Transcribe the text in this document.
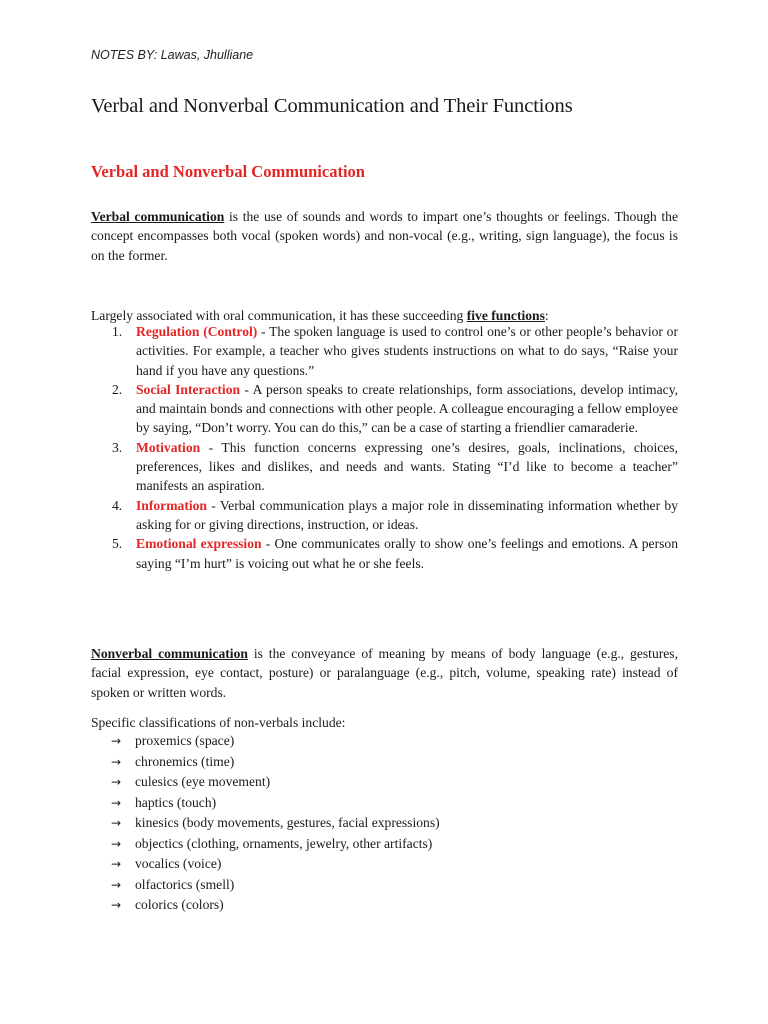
NOTES BY: Lawas, Jhulliane
Verbal and Nonverbal Communication and Their Functions
Verbal and Nonverbal Communication

Verbal communication is the use of sounds and words to impart one’s thoughts or feelings. Though the concept encompasses both vocal (spoken words) and non-vocal (e.g., writing, sign language), the focus is on the former.

Largely associated with oral communication, it has these succeeding five functions:

1. Regulation (Control) - The spoken language is used to control one’s or other people’s behavior or activities. For example, a teacher who gives students instructions on what to do says, “Raise your hand if you have any questions.”
2. Social Interaction - A person speaks to create relationships, form associations, develop intimacy, and maintain bonds and connections with other people. A colleague encouraging a fellow employee by saying, “Don’t worry. You can do this,” can be a case of starting a friendlier camaraderie.
3. Motivation - This function concerns expressing one’s desires, goals, inclinations, choices, preferences, likes and dislikes, and needs and wants. Stating “I’d like to become a teacher” manifests an aspiration.
4. Information - Verbal communication plays a major role in disseminating information whether by asking for or giving directions, instruction, or ideas.
5. Emotional expression - One communicates orally to show one’s feelings and emotions. A person saying “I’m hurt” is voicing out what he or she feels.

Nonverbal communication is the conveyance of meaning by means of body language (e.g., gestures, facial expression, eye contact, posture) or paralanguage (e.g., pitch, volume, speaking rate) instead of spoken or written words.

Specific classifications of non-verbals include:

→ proxemics (space)
→ chronemics (time)
→ culesics (eye movement)
→ haptics (touch)
→ kinesics (body movements, gestures, facial expressions)
→ objectics (clothing, ornaments, jewelry, other artifacts)
→ vocalics (voice)
→ olfactorics (smell)
→ colorics (colors)
